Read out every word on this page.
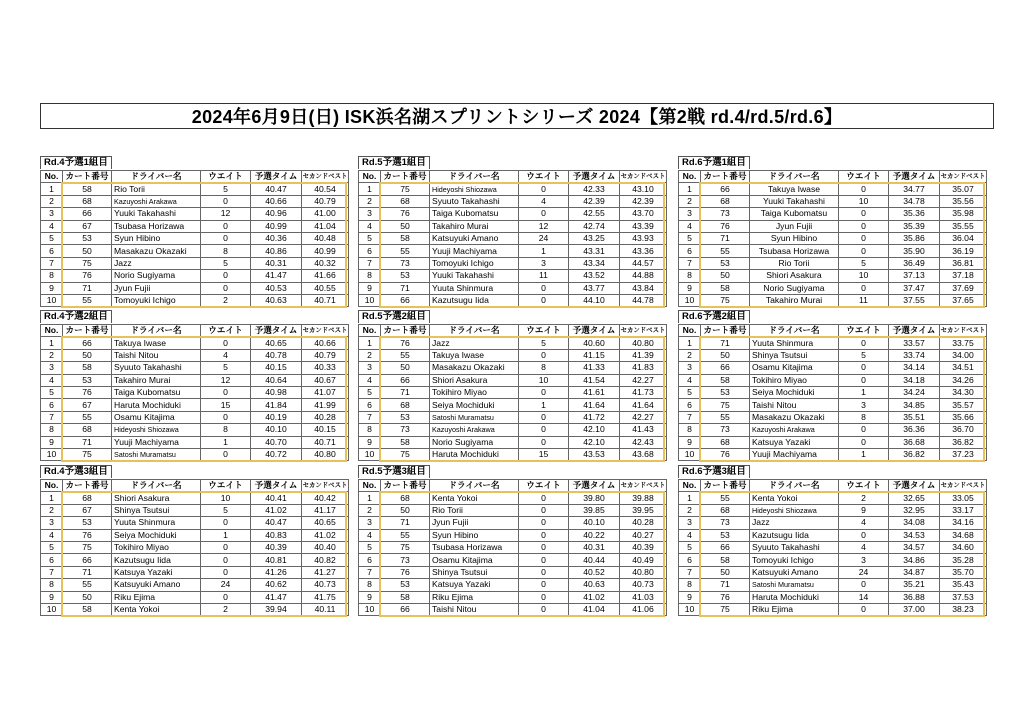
2024年6月9日(日) ISK浜名湖スプリントシリーズ 2024【第2戦 rd.4/rd.5/rd.6】
Rd.4予選1組目
No.	カート番号	ドライバー名	ウエイト	予選タイム	セカンドベスト
1	58	Rio Torii	5	40.47	40.54
2	68	Kazuyoshi Arakawa	0	40.66	40.79
3	66	Yuuki Takahashi	12	40.96	41.00
4	67	Tsubasa Horizawa	0	40.99	41.04
5	53	Syun Hibino	0	40.36	40.48
6	50	Masakazu Okazaki	8	40.86	40.99
7	75	Jazz	5	40.31	40.32
8	76	Norio Sugiyama	0	41.47	41.66
9	71	Jyun Fujii	0	40.53	40.55
10	55	Tomoyuki Ichigo	2	40.63	40.71
Rd.5予選1組目
No.	カート番号	ドライバー名	ウエイト	予選タイム	セカンドベスト
1	75	Hideyoshi Shiozawa	0	42.33	43.10
2	68	Syuuto Takahashi	4	42.39	42.39
3	76	Taiga Kubomatsu	0	42.55	43.70
4	50	Takahiro Murai	12	42.74	43.39
5	58	Katsuyuki Amano	24	43.25	43.93
6	55	Yuuji Machiyama	1	43.31	43.36
7	73	Tomoyuki Ichigo	3	43.34	44.57
8	53	Yuuki Takahashi	11	43.52	44.88
9	71	Yuuta Shinmura	0	43.77	43.84
10	66	Kazutsugu Iida	0	44.10	44.78
Rd.6予選1組目
No.	カート番号	ドライバー名	ウエイト	予選タイム	セカンドベスト
1	66	Takuya Iwase	0	34.77	35.07
2	68	Yuuki Takahashi	10	34.78	35.56
3	73	Taiga Kubomatsu	0	35.36	35.98
4	76	Jyun Fujii	0	35.39	35.55
5	71	Syun Hibino	0	35.86	36.04
6	55	Tsubasa Horizawa	0	35.90	36.19
7	53	Rio Torii	5	36.49	36.81
8	50	Shiori Asakura	10	37.13	37.18
9	58	Norio Sugiyama	0	37.47	37.69
10	75	Takahiro Murai	11	37.55	37.65
Rd.4予選2組目
No.	カート番号	ドライバー名	ウエイト	予選タイム	セカンドベスト
1	66	Takuya Iwase	0	40.65	40.66
2	50	Taishi Nitou	4	40.78	40.79
3	58	Syuuto Takahashi	5	40.15	40.33
4	53	Takahiro Murai	12	40.64	40.67
5	76	Taiga Kubomatsu	0	40.98	41.07
6	67	Haruta Mochiduki	15	41.84	41.99
7	55	Osamu Kitajima	0	40.19	40.28
8	68	Hideyoshi Shiozawa	8	40.10	40.15
9	71	Yuuji Machiyama	1	40.70	40.71
10	75	Satoshi Muramatsu	0	40.72	40.80
Rd.5予選2組目
No.	カート番号	ドライバー名	ウエイト	予選タイム	セカンドベスト
1	76	Jazz	5	40.60	40.80
2	55	Takuya Iwase	0	41.15	41.39
3	50	Masakazu Okazaki	8	41.33	41.83
4	66	Shiori Asakura	10	41.54	42.27
5	71	Tokihiro Miyao	0	41.61	41.73
6	68	Seiya Mochiduki	1	41.64	41.64
7	53	Satoshi Muramatsu	0	41.72	42.27
8	73	Kazuyoshi Arakawa	0	42.10	41.43
9	58	Norio Sugiyama	0	42.10	42.43
10	75	Haruta Mochiduki	15	43.53	43.68
Rd.6予選2組目
No.	カート番号	ドライバー名	ウエイト	予選タイム	セカンドベスト
1	71	Yuuta Shinmura	0	33.57	33.75
2	50	Shinya Tsutsui	5	33.74	34.00
3	66	Osamu Kitajima	0	34.14	34.51
4	58	Tokihiro Miyao	0	34.18	34.26
5	53	Seiya Mochiduki	1	34.24	34.30
6	75	Taishi Nitou	3	34.85	35.57
7	55	Masakazu Okazaki	8	35.51	35.66
8	73	Kazuyoshi Arakawa	0	36.36	36.70
9	68	Katsuya Yazaki	0	36.68	36.82
10	76	Yuuji Machiyama	1	36.82	37.23
Rd.4予選3組目
No.	カート番号	ドライバー名	ウエイト	予選タイム	セカンドベスト
1	68	Shiori Asakura	10	40.41	40.42
2	67	Shinya Tsutsui	5	41.02	41.17
3	53	Yuuta Shinmura	0	40.47	40.65
4	76	Seiya Mochiduki	1	40.83	41.02
5	75	Tokihiro Miyao	0	40.39	40.40
6	66	Kazutsugu Iida	0	40.81	40.82
7	71	Katsuya Yazaki	0	41.26	41.27
8	55	Katsuyuki Amano	24	40.62	40.73
9	50	Riku Ejima	0	41.47	41.75
10	58	Kenta Yokoi	2	39.94	40.11
Rd.5予選3組目
No.	カート番号	ドライバー名	ウエイト	予選タイム	セカンドベスト
1	68	Kenta Yokoi	0	39.80	39.88
2	50	Rio Torii	0	39.85	39.95
3	71	Jyun Fujii	0	40.10	40.28
4	55	Syun Hibino	0	40.22	40.27
5	75	Tsubasa Horizawa	0	40.31	40.39
6	73	Osamu Kitajima	0	40.44	40.49
7	76	Shinya Tsutsui	0	40.52	40.80
8	53	Katsuya Yazaki	0	40.63	40.73
9	58	Riku Ejima	0	41.02	41.03
10	66	Taishi Nitou	0	41.04	41.06
Rd.6予選3組目
No.	カート番号	ドライバー名	ウエイト	予選タイム	セカンドベスト
1	55	Kenta Yokoi	2	32.65	33.05
2	68	Hideyoshi Shiozawa	9	32.95	33.17
3	73	Jazz	4	34.08	34.16
4	53	Kazutsugu Iida	0	34.53	34.68
5	66	Syuuto Takahashi	4	34.57	34.60
6	58	Tomoyuki Ichigo	3	34.86	35.28
7	50	Katsuyuki Amano	24	34.87	35.70
8	71	Satoshi Muramatsu	0	35.21	35.43
9	76	Haruta Mochiduki	14	36.88	37.53
10	75	Riku Ejima	0	37.00	38.23
